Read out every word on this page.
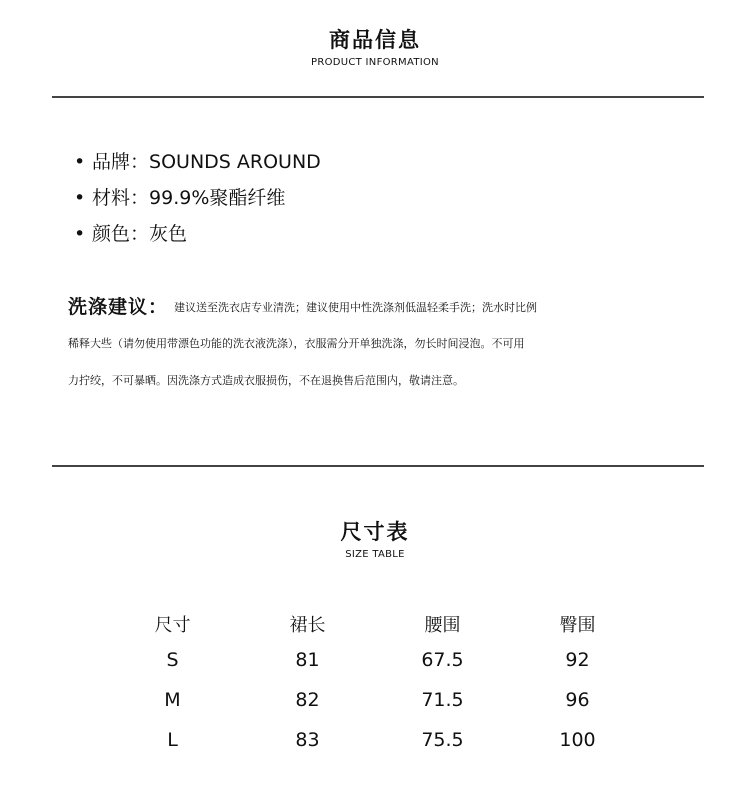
商品信息
PRODUCT INFORMATION
• 品牌：SOUNDS AROUND
• 材料：99.9%聚酯纤维
• 颜色：灰色
洗涤建议： 建议送至洗衣店专业清洗；建议使用中性洗涤剂低温轻柔手洗；洗水时比例
稀释大些（请勿使用带漂色功能的洗衣液洗涤），衣服需分开单独洗涤，勿长时间浸泡。不可用
力拧绞，不可暴晒。因洗涤方式造成衣服损伤，不在退换售后范围内，敬请注意。
尺寸表
SIZE TABLE
尺寸	裙长	腰围	臀围
S	81	67.5	92
M	82	71.5	96
L	83	75.5	100
